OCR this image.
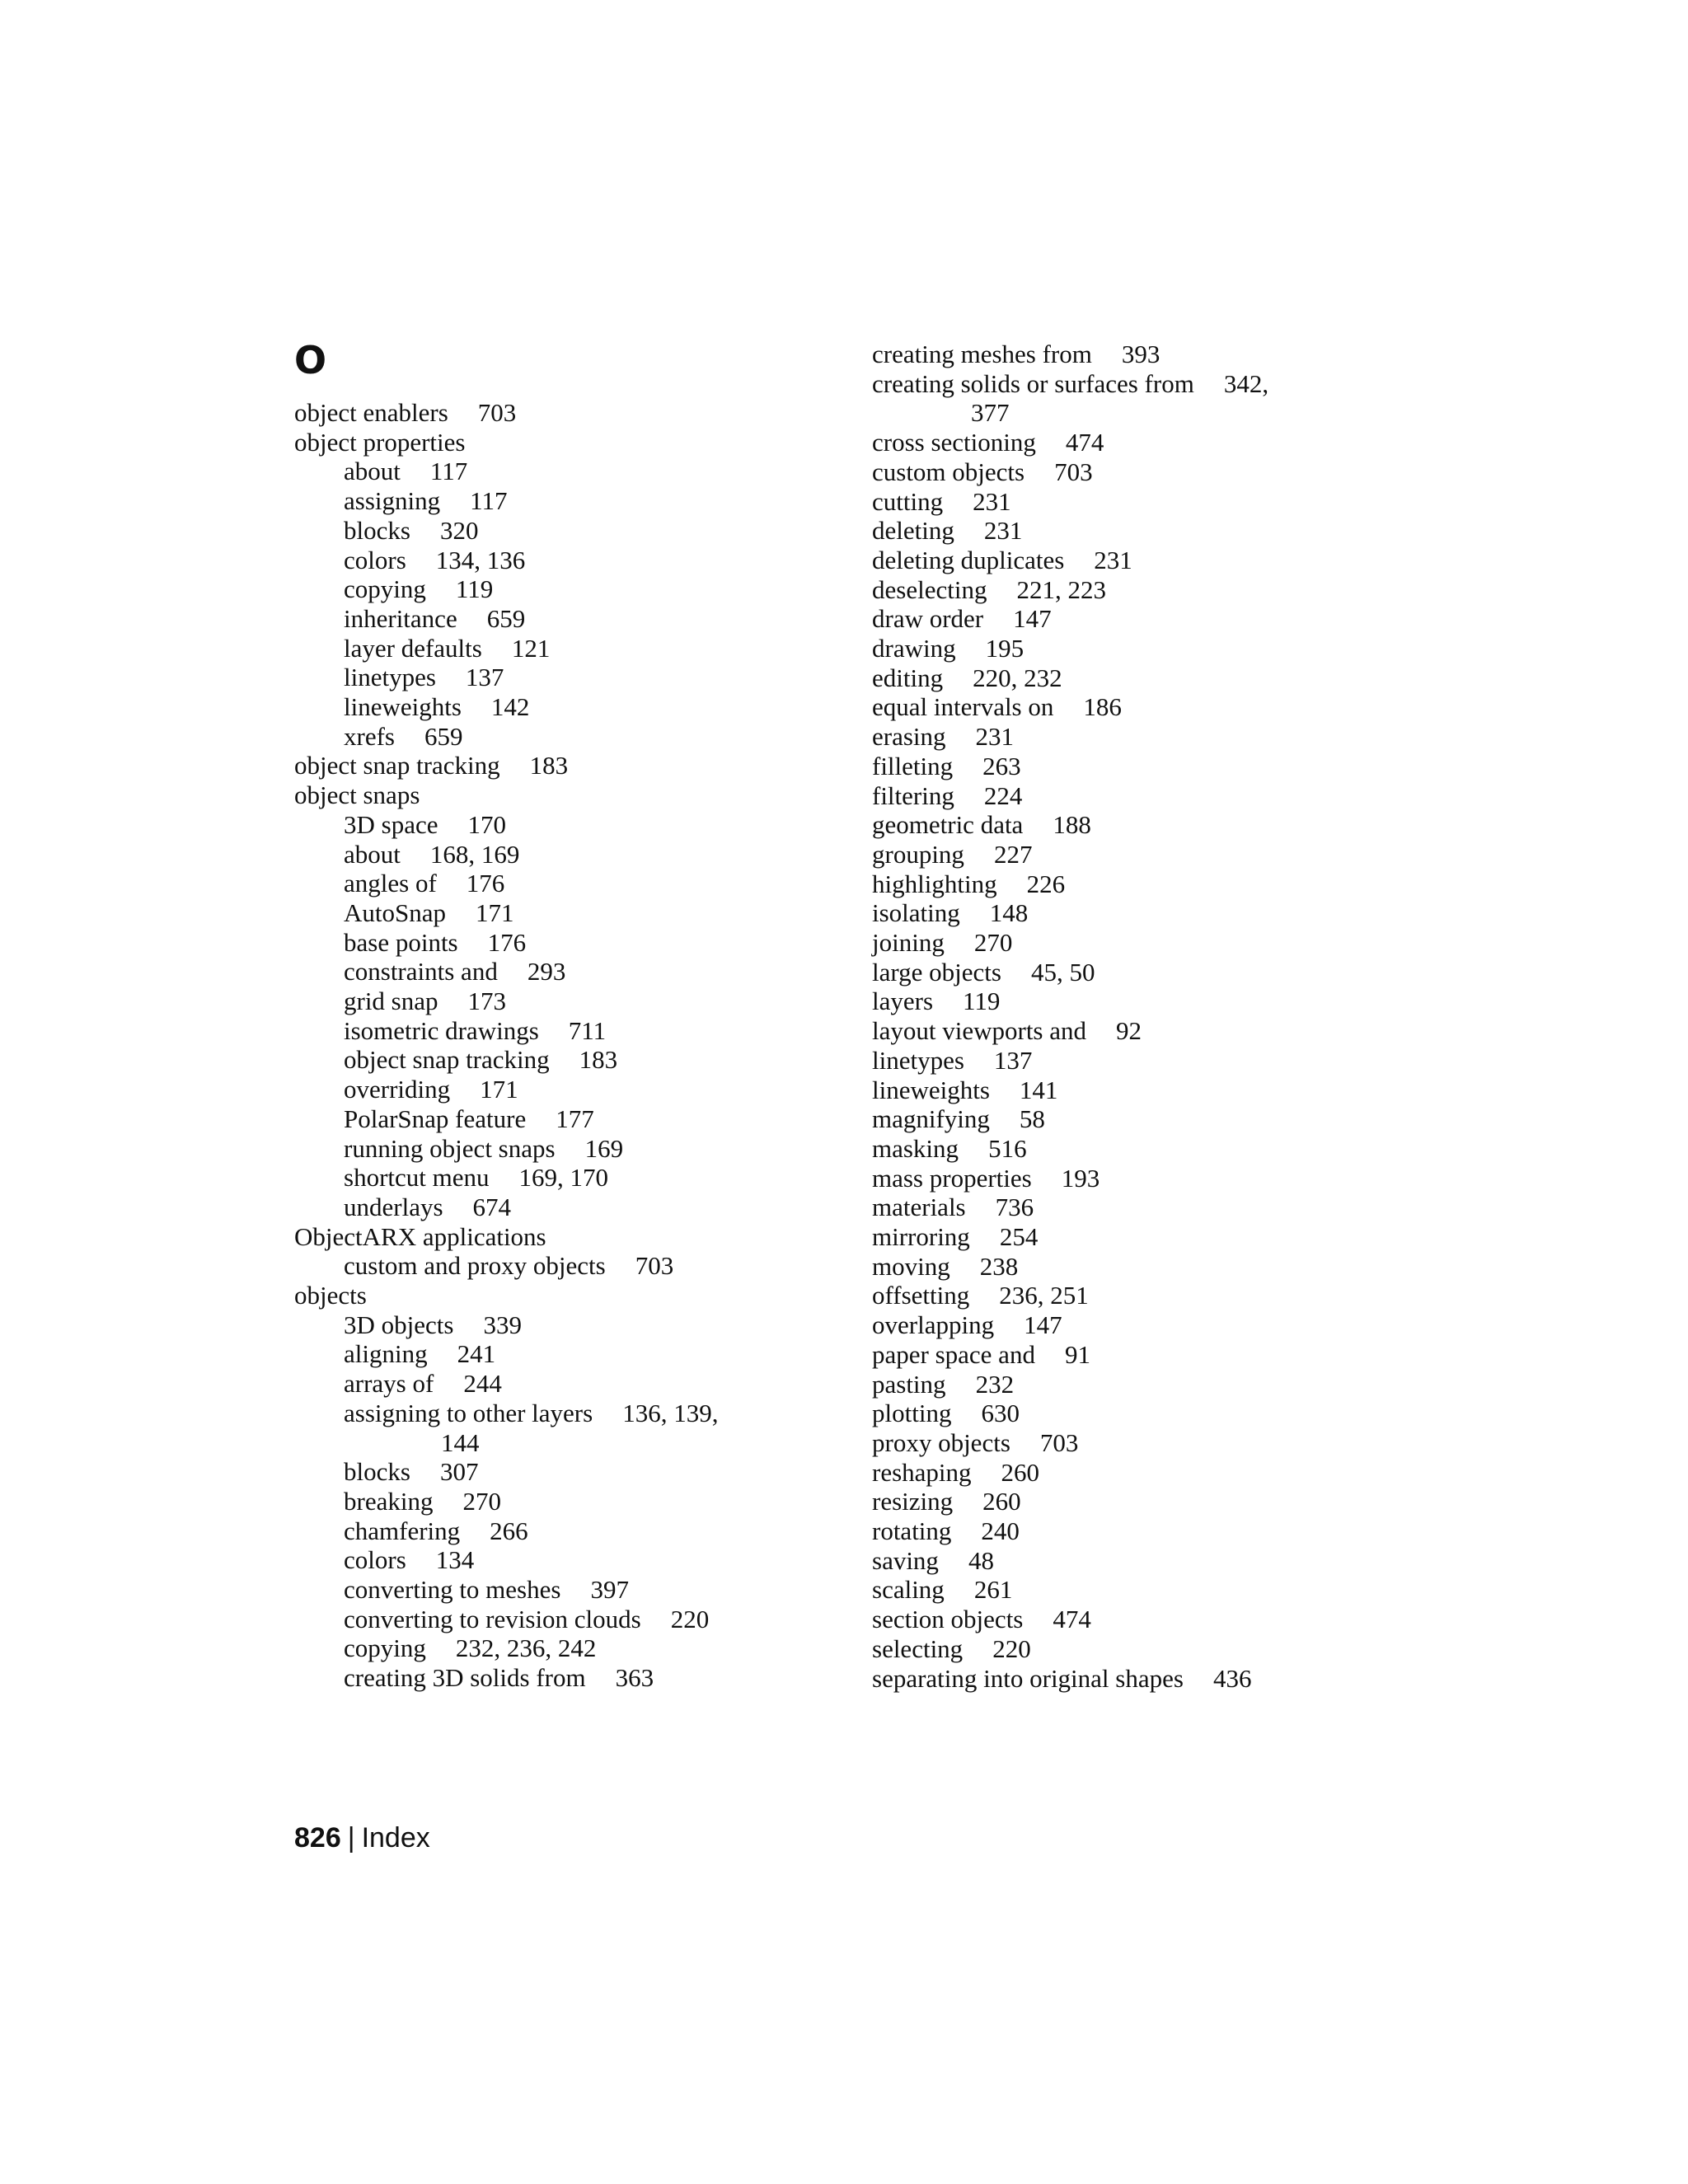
O
object enablers 703
object properties
about 117
assigning 117
blocks 320
colors 134, 136
copying 119
inheritance 659
layer defaults 121
linetypes 137
lineweights 142
xrefs 659
object snap tracking 183
object snaps
3D space 170
about 168, 169
angles of 176
AutoSnap 171
base points 176
constraints and 293
grid snap 173
isometric drawings 711
object snap tracking 183
overriding 171
PolarSnap feature 177
running object snaps 169
shortcut menu 169, 170
underlays 674
ObjectARX applications
custom and proxy objects 703
objects
3D objects 339
aligning 241
arrays of 244
assigning to other layers 136, 139,
144
blocks 307
breaking 270
chamfering 266
colors 134
converting to meshes 397
converting to revision clouds 220
copying 232, 236, 242
creating 3D solids from 363
creating meshes from 393
creating solids or surfaces from 342,
377
cross sectioning 474
custom objects 703
cutting 231
deleting 231
deleting duplicates 231
deselecting 221, 223
draw order 147
drawing 195
editing 220, 232
equal intervals on 186
erasing 231
filleting 263
filtering 224
geometric data 188
grouping 227
highlighting 226
isolating 148
joining 270
large objects 45, 50
layers 119
layout viewports and 92
linetypes 137
lineweights 141
magnifying 58
masking 516
mass properties 193
materials 736
mirroring 254
moving 238
offsetting 236, 251
overlapping 147
paper space and 91
pasting 232
plotting 630
proxy objects 703
reshaping 260
resizing 260
rotating 240
saving 48
scaling 261
section objects 474
selecting 220
separating into original shapes 436
826 | Index
